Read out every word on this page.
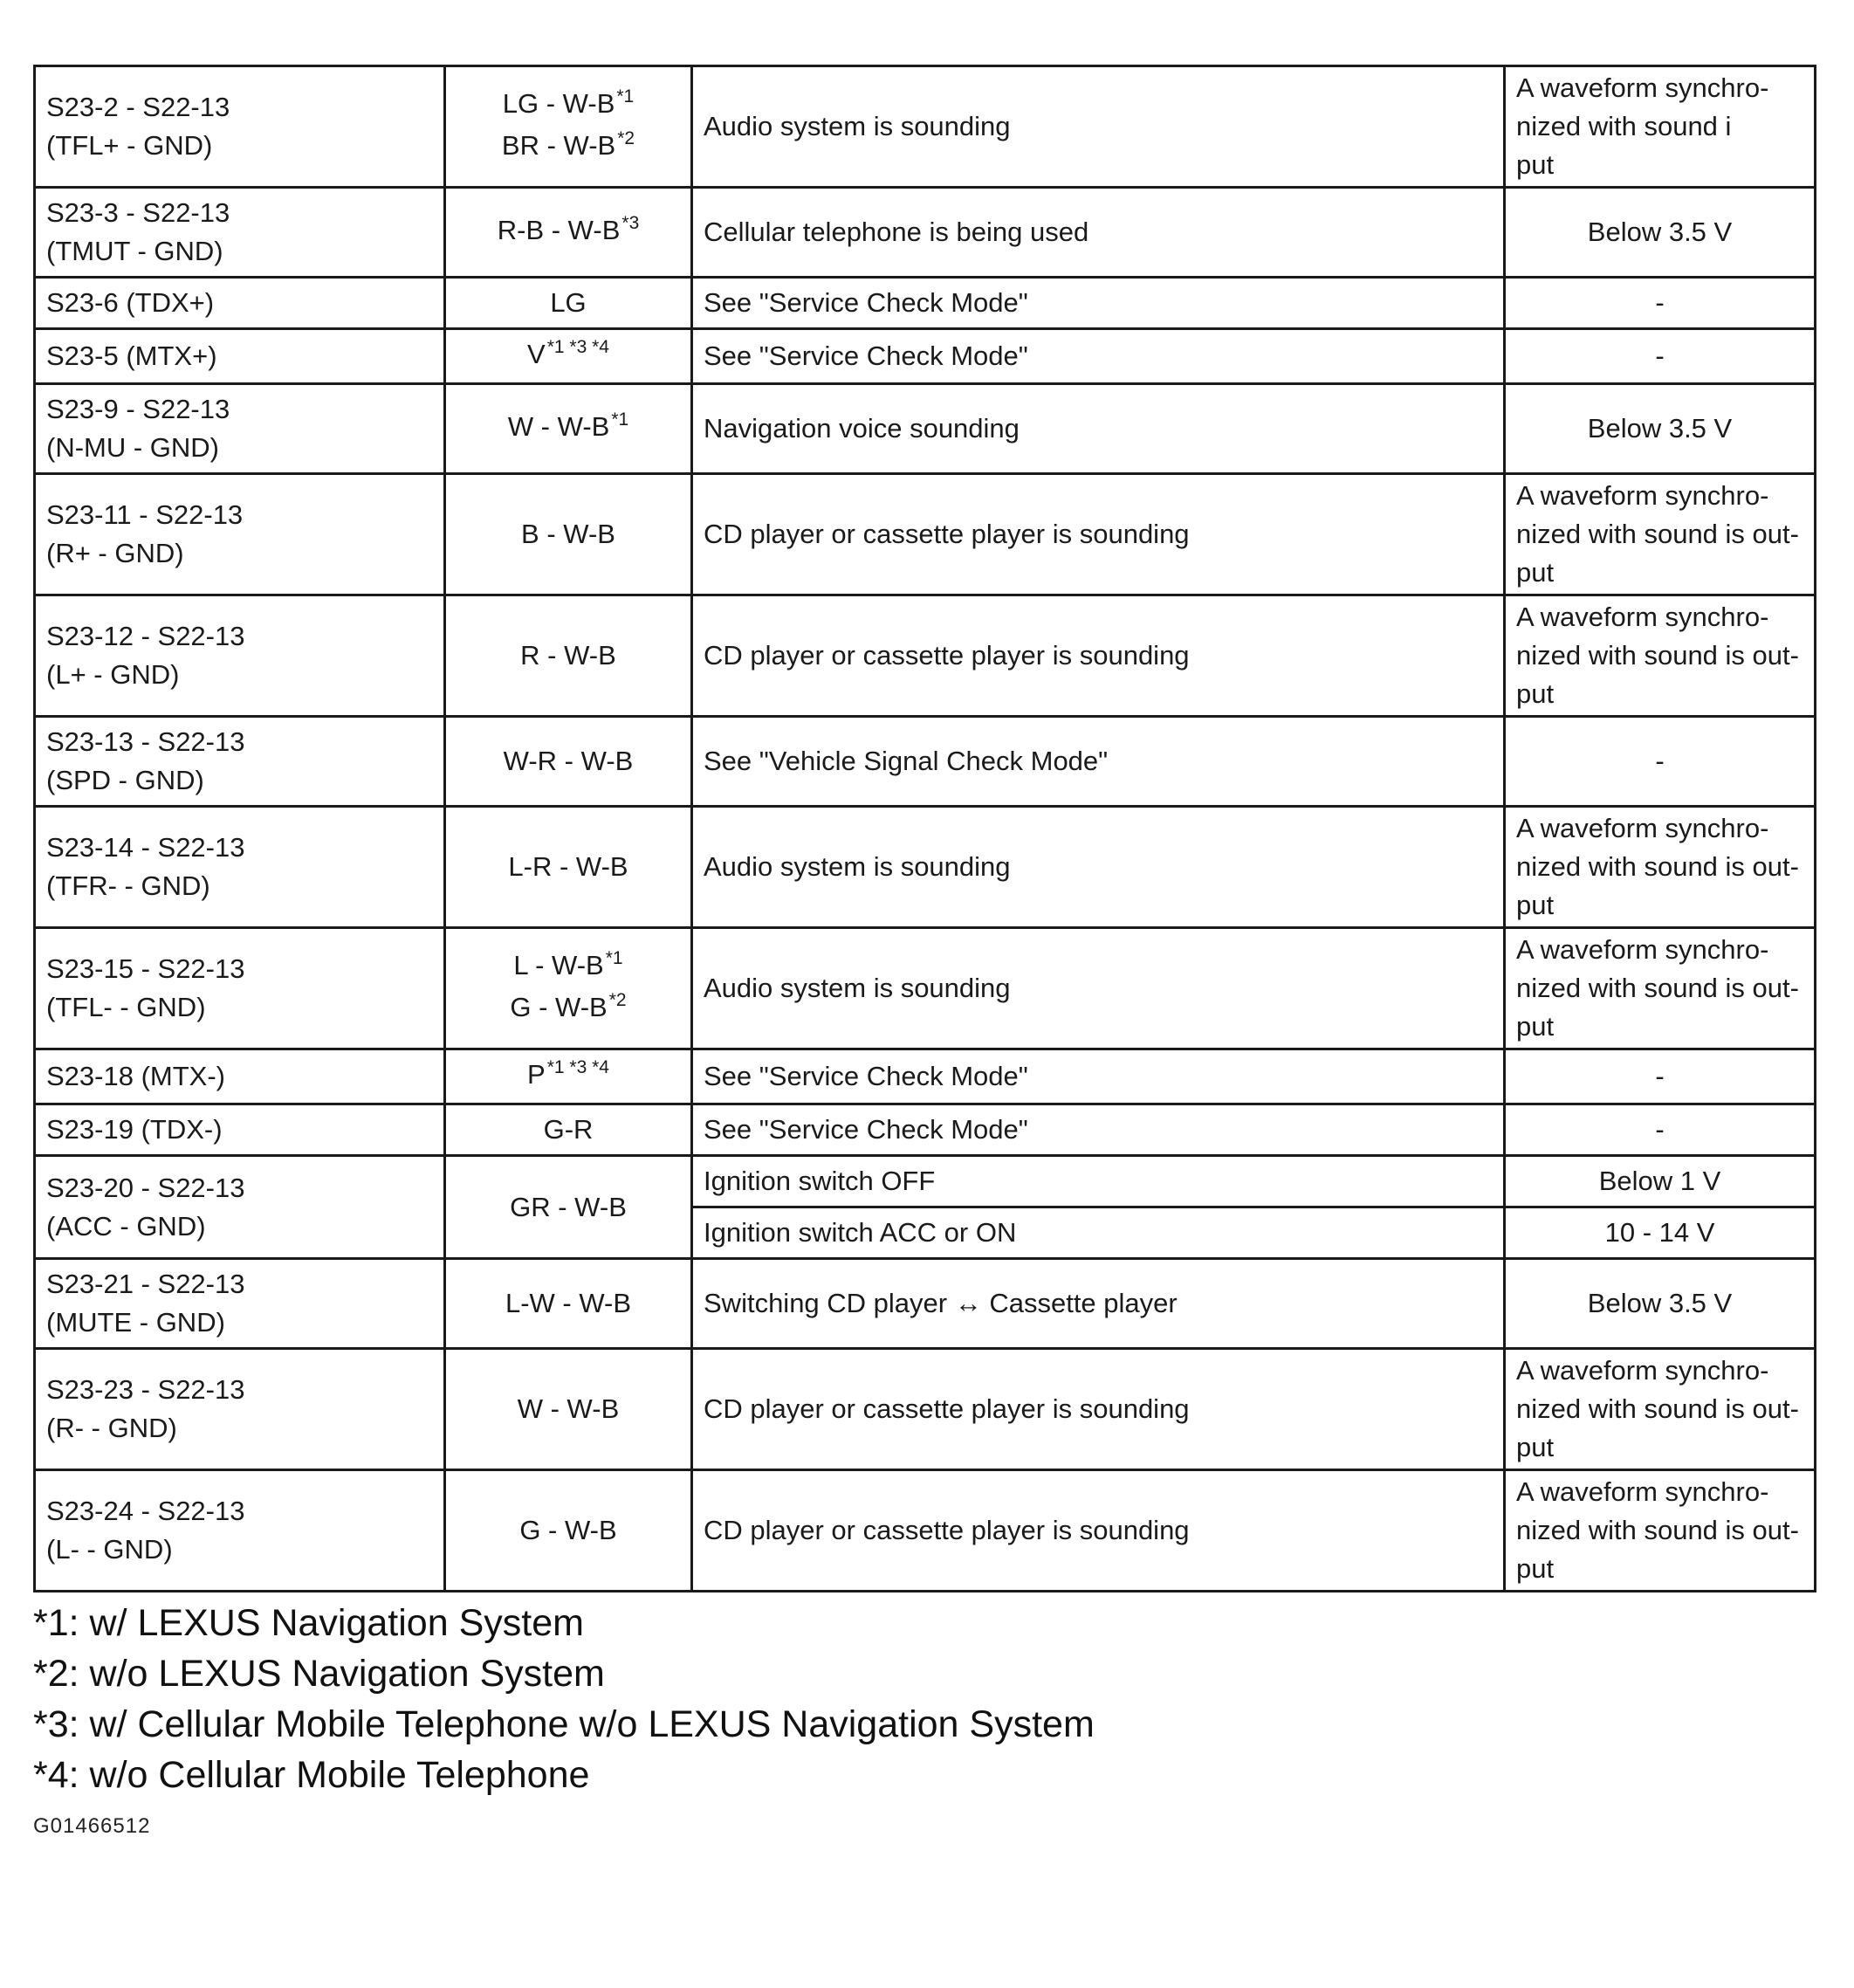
S23-2 - S22-13
(TFL+ - GND)	LG - W-B$^{*1}$
BR - W-B$^{*2}$	Audio system is sounding	A waveform synchro-
nized with sound i
put

S23-3 - S22-13
(TMUT - GND)	R-B - W-B$^{*3}$	Cellular telephone is being used	Below 3.5 V

S23-6 (TDX+)	LG	See "Service Check Mode"	-

S23-5 (MTX+)	V$^{*1 *3 *4}$	See "Service Check Mode"	-

S23-9 - S22-13
(N-MU - GND)	W - W-B$^{*1}$	Navigation voice sounding	Below 3.5 V

S23-11 - S22-13
(R+ - GND)	B - W-B	CD player or cassette player is sounding	A waveform synchro-
nized with sound is out-
put

S23-12 - S22-13
(L+ - GND)	R - W-B	CD player or cassette player is sounding	A waveform synchro-
nized with sound is out-
put

S23-13 - S22-13
(SPD - GND)	W-R - W-B	See "Vehicle Signal Check Mode"	-

S23-14 - S22-13
(TFR- - GND)	L-R - W-B	Audio system is sounding	A waveform synchro-
nized with sound is out-
put

S23-15 - S22-13
(TFL- - GND)	L - W-B$^{*1}$
G - W-B$^{*2}$	Audio system is sounding	A waveform synchro-
nized with sound is out-
put

S23-18 (MTX-)	P$^{*1 *3 *4}$	See "Service Check Mode"	-

S23-19 (TDX-)	G-R	See "Service Check Mode"	-

S23-20 - S22-13
(ACC - GND)	GR - W-B	Ignition switch OFF	Below 1 V

		Ignition switch ACC or ON	10 - 14 V

S23-21 - S22-13
(MUTE - GND)	L-W - W-B	Switching CD player ↔ Cassette player	Below 3.5 V

S23-23 - S22-13
(R- - GND)	W - W-B	CD player or cassette player is sounding	A waveform synchro-
nized with sound is out-
put

S23-24 - S22-13
(L- - GND)	G - W-B	CD player or cassette player is sounding	A waveform synchro-
nized with sound is out-
put
*1: w/ LEXUS Navigation System
*2: w/o LEXUS Navigation System
*3: w/ Cellular Mobile Telephone w/o LEXUS Navigation System
*4: w/o Cellular Mobile Telephone
G01466512
